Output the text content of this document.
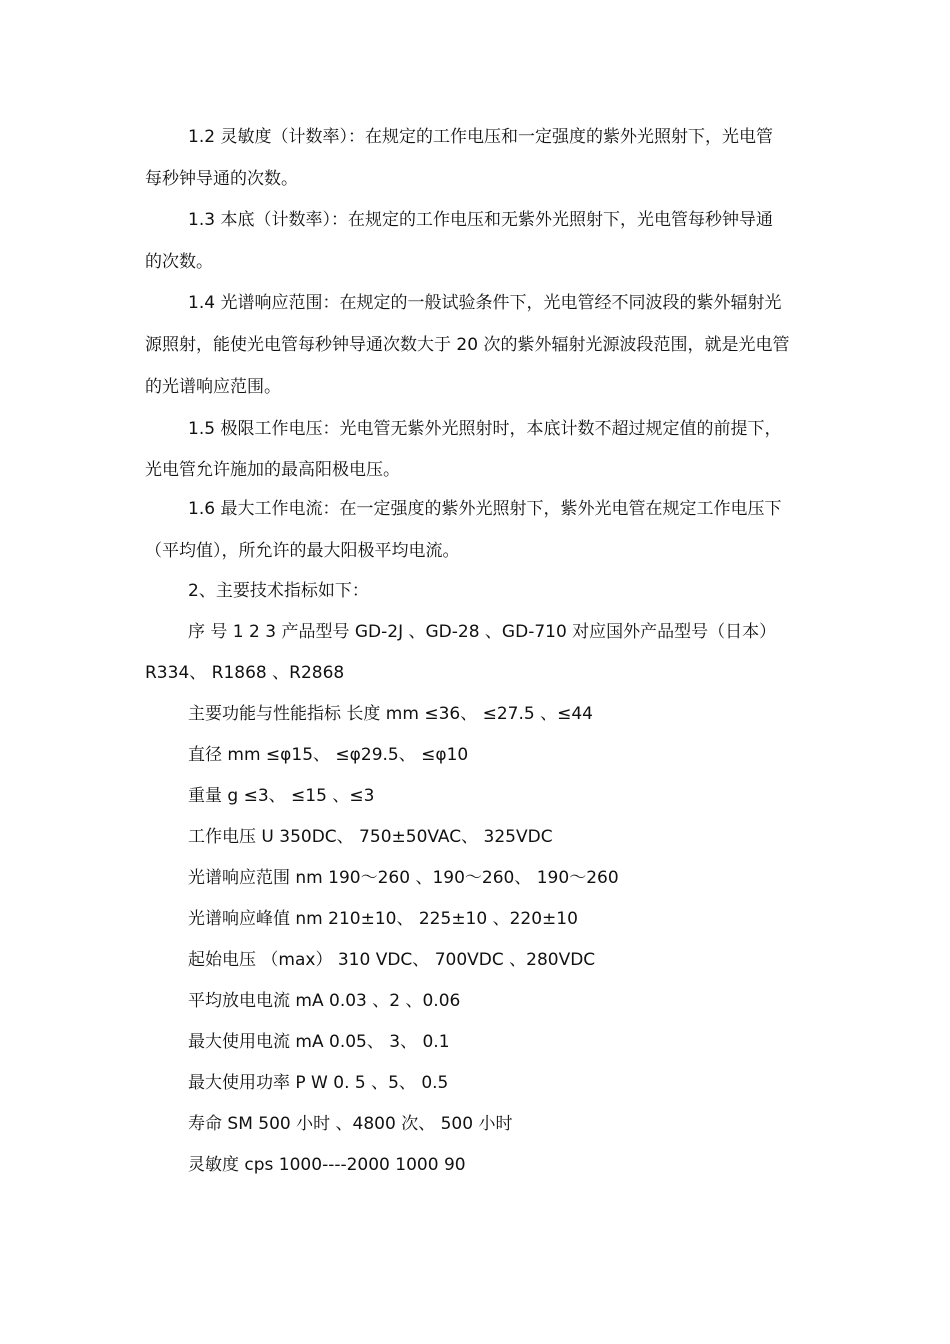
1.2 灵敏度（计数率）：在规定的工作电压和一定强度的紫外光照射下，光电管
每秒钟导通的次数。
1.3 本底（计数率）：在规定的工作电压和无紫外光照射下，光电管每秒钟导通
的次数。
1.4 光谱响应范围：在规定的一般试验条件下，光电管经不同波段的紫外辐射光
源照射，能使光电管每秒钟导通次数大于 20 次的紫外辐射光源波段范围，就是光电管
的光谱响应范围。
1.5 极限工作电压：光电管无紫外光照射时，本底计数不超过规定值的前提下，
光电管允许施加的最高阳极电压。
1.6 最大工作电流：在一定强度的紫外光照射下，紫外光电管在规定工作电压下
（平均值），所允许的最大阳极平均电流。
2、主要技术指标如下：
序 号 1 2 3 产品型号 GD-2J 、GD-28 、GD-710 对应国外产品型号（日本）
R334、 R1868 、R2868
主要功能与性能指标 长度 mm ≤36、 ≤27.5 、≤44
直径 mm ≤φ15、 ≤φ29.5、 ≤φ10
重量 g ≤3、 ≤15 、≤3
工作电压 U 350DC、 750±50VAC、 325VDC
光谱响应范围 nm 190～260 、190～260、 190～260
光谱响应峰值 nm 210±10、 225±10 、220±10
起始电压 （max） 310 VDC、 700VDC 、280VDC
平均放电电流 mA 0.03 、2 、0.06
最大使用电流 mA 0.05、 3、 0.1
最大使用功率 P W 0. 5 、5、 0.5
寿命 SM 500 小时 、4800 次、 500 小时
灵敏度 cps 1000----2000 1000 90
